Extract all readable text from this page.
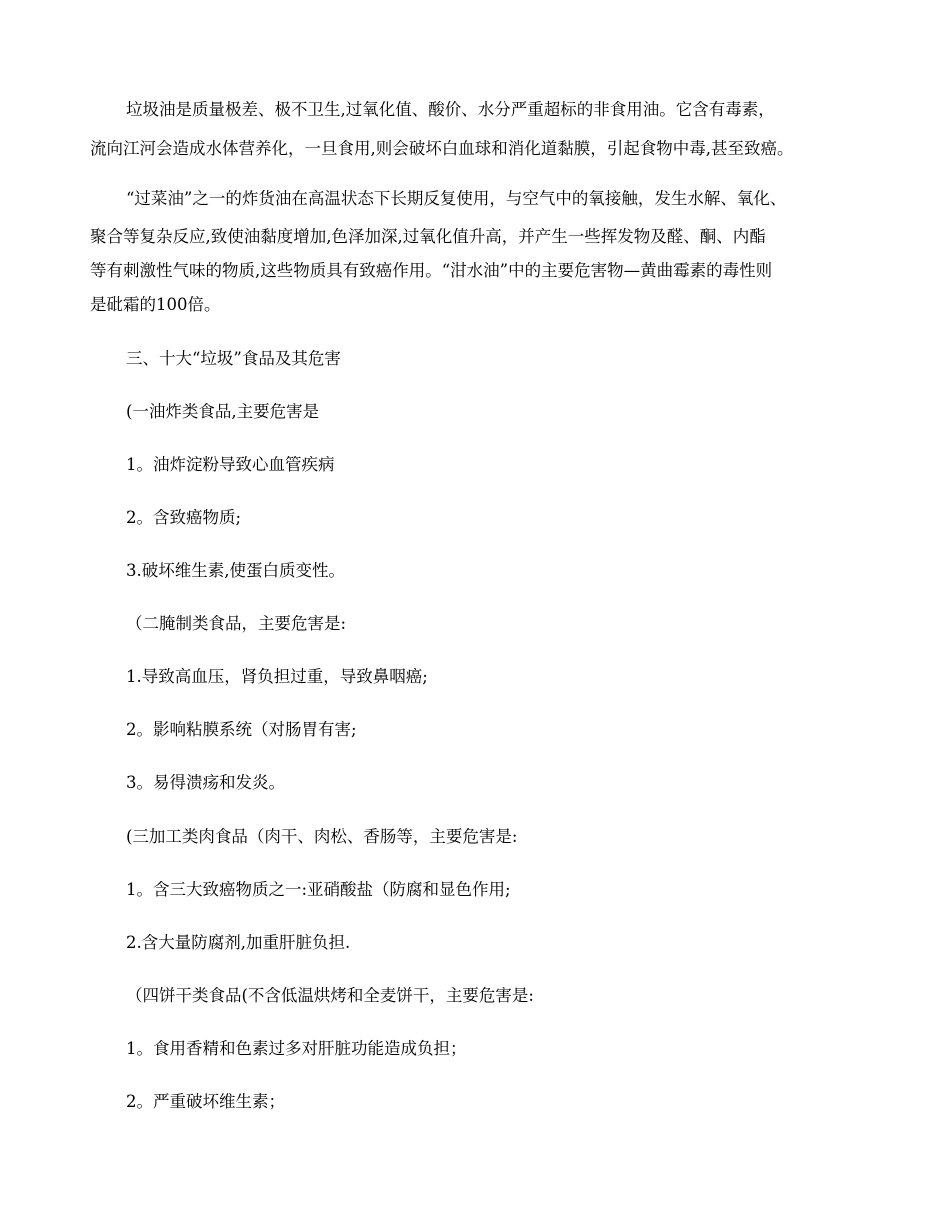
垃圾油是质量极差、极不卫生,过氧化值、酸价、水分严重超标的非食用油。它含有毒素，
流向江河会造成水体营养化，一旦食用,则会破坏白血球和消化道黏膜，引起食物中毒,甚至致癌。
“过菜油”之一的炸货油在高温状态下长期反复使用，与空气中的氧接触，发生水解、氧化、
聚合等复杂反应,致使油黏度增加,色泽加深,过氧化值升高，并产生一些挥发物及醛、酮、内酯
等有刺激性气味的物质,这些物质具有致癌作用。“泔水油”中的主要危害物—黄曲霉素的毒性则
是砒霜的100倍。
三、十大“垃圾”食品及其危害
(一油炸类食品,主要危害是
1。油炸淀粉导致心血管疾病
2。含致癌物质;
3.破坏维生素,使蛋白质变性。
（二腌制类食品，主要危害是:
1.导致高血压，肾负担过重，导致鼻咽癌;
2。影响粘膜系统（对肠胃有害;
3。易得溃疡和发炎。
(三加工类肉食品（肉干、肉松、香肠等，主要危害是:
1。含三大致癌物质之一:亚硝酸盐（防腐和显色作用;
2.含大量防腐剂,加重肝脏负担.
（四饼干类食品(不含低温烘烤和全麦饼干，主要危害是:
1。食用香精和色素过多对肝脏功能造成负担；
2。严重破坏维生素；
